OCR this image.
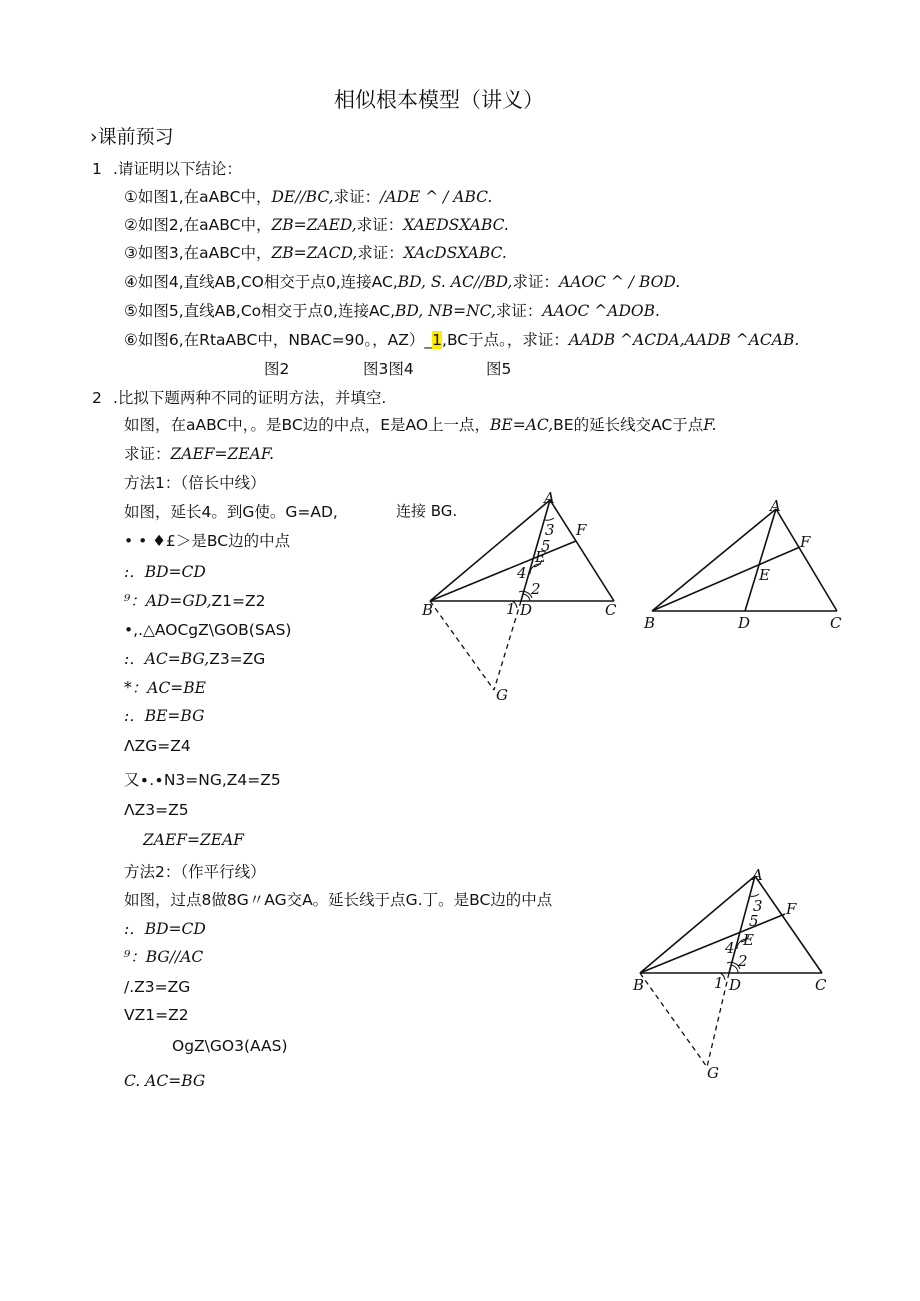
相似根本模型（讲义）
›课前预习
1 .请证明以下结论：
①如图1,在aABC中，DE//BC,求证：/ADE ^ / ABC.
②如图2,在aABC中，ZB=ZAED,求证：XAEDSXABC.
③如图3,在aABC中，ZB=ZACD,求证：XAcDSXABC.
④如图4,直线AB,CO相交于点0,连接AC,BD, S. AC//BD,求证：AAOC ^ / BOD.
⑤如图5,直线AB,Co相交于点0,连接AC,BD, NB=NC,求证：AAOC ^ADOB.
⑥如图6,在RtaABC中，NBAC=90。，AZ）_1,BC于点。，求证：AADB ^ACDA,AADB ^ACAB.
图2	图3图4	图5
2 .比拟下题两种不同的证明方法，并填空.
如图，在aABC中，。是BC边的中点，E是AO上一点，BE=AC,BE的延长线交AC于点F.
求证：ZAEF=ZEAF.
方法1：（倍长中线）
如图，延长4。到G使。G=AD,
• • ♦£＞是BC边的中点
:．BD=CD
⁹：AD=GD,Z1=Z2
•,.△AOCgZ\GOB(SAS)
:．AC=BG,Z3=ZG
*：AC=BE
:．BE=BG
ΛZG=Z4
又∙.∙N3=NG,Z4=Z5
ΛZ3=Z5
ZAEF=ZEAF
方法2：（作平行线）
如图，过点8做8G〃AG交A。延长线于点G.丁。是BC边的中点
:．BD=CD
⁹：BG//AC
/.Z3=ZG
VZ1=Z2
OgZ\GO3(AAS)
C. AC=BG
连接 BG.
A
F
E
B	D	C
G
3
5
4
2
1
A
F
E
B	D	C
A
F
E
B	D	C
G
3
5
4
2
1
